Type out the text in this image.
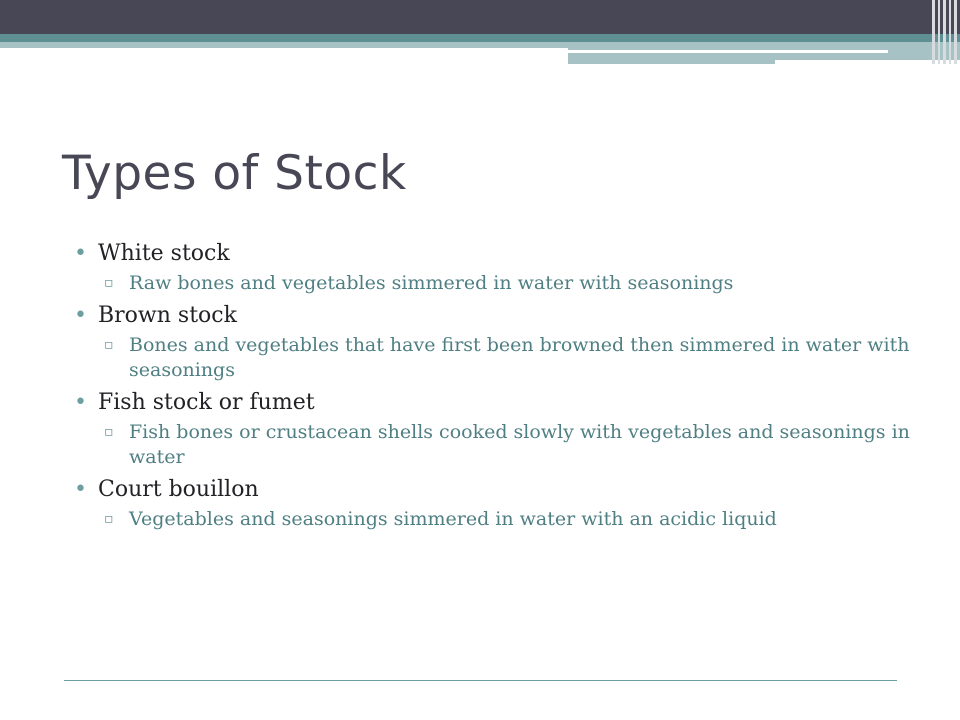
Types of Stock
• White stock
▫ Raw bones and vegetables simmered in water with seasonings
• Brown stock
▫ Bones and vegetables that have first been browned then simmered in water with seasonings
• Fish stock or fumet
▫ Fish bones or crustacean shells cooked slowly with vegetables and seasonings in water
• Court bouillon
▫ Vegetables and seasonings simmered in water with an acidic liquid
